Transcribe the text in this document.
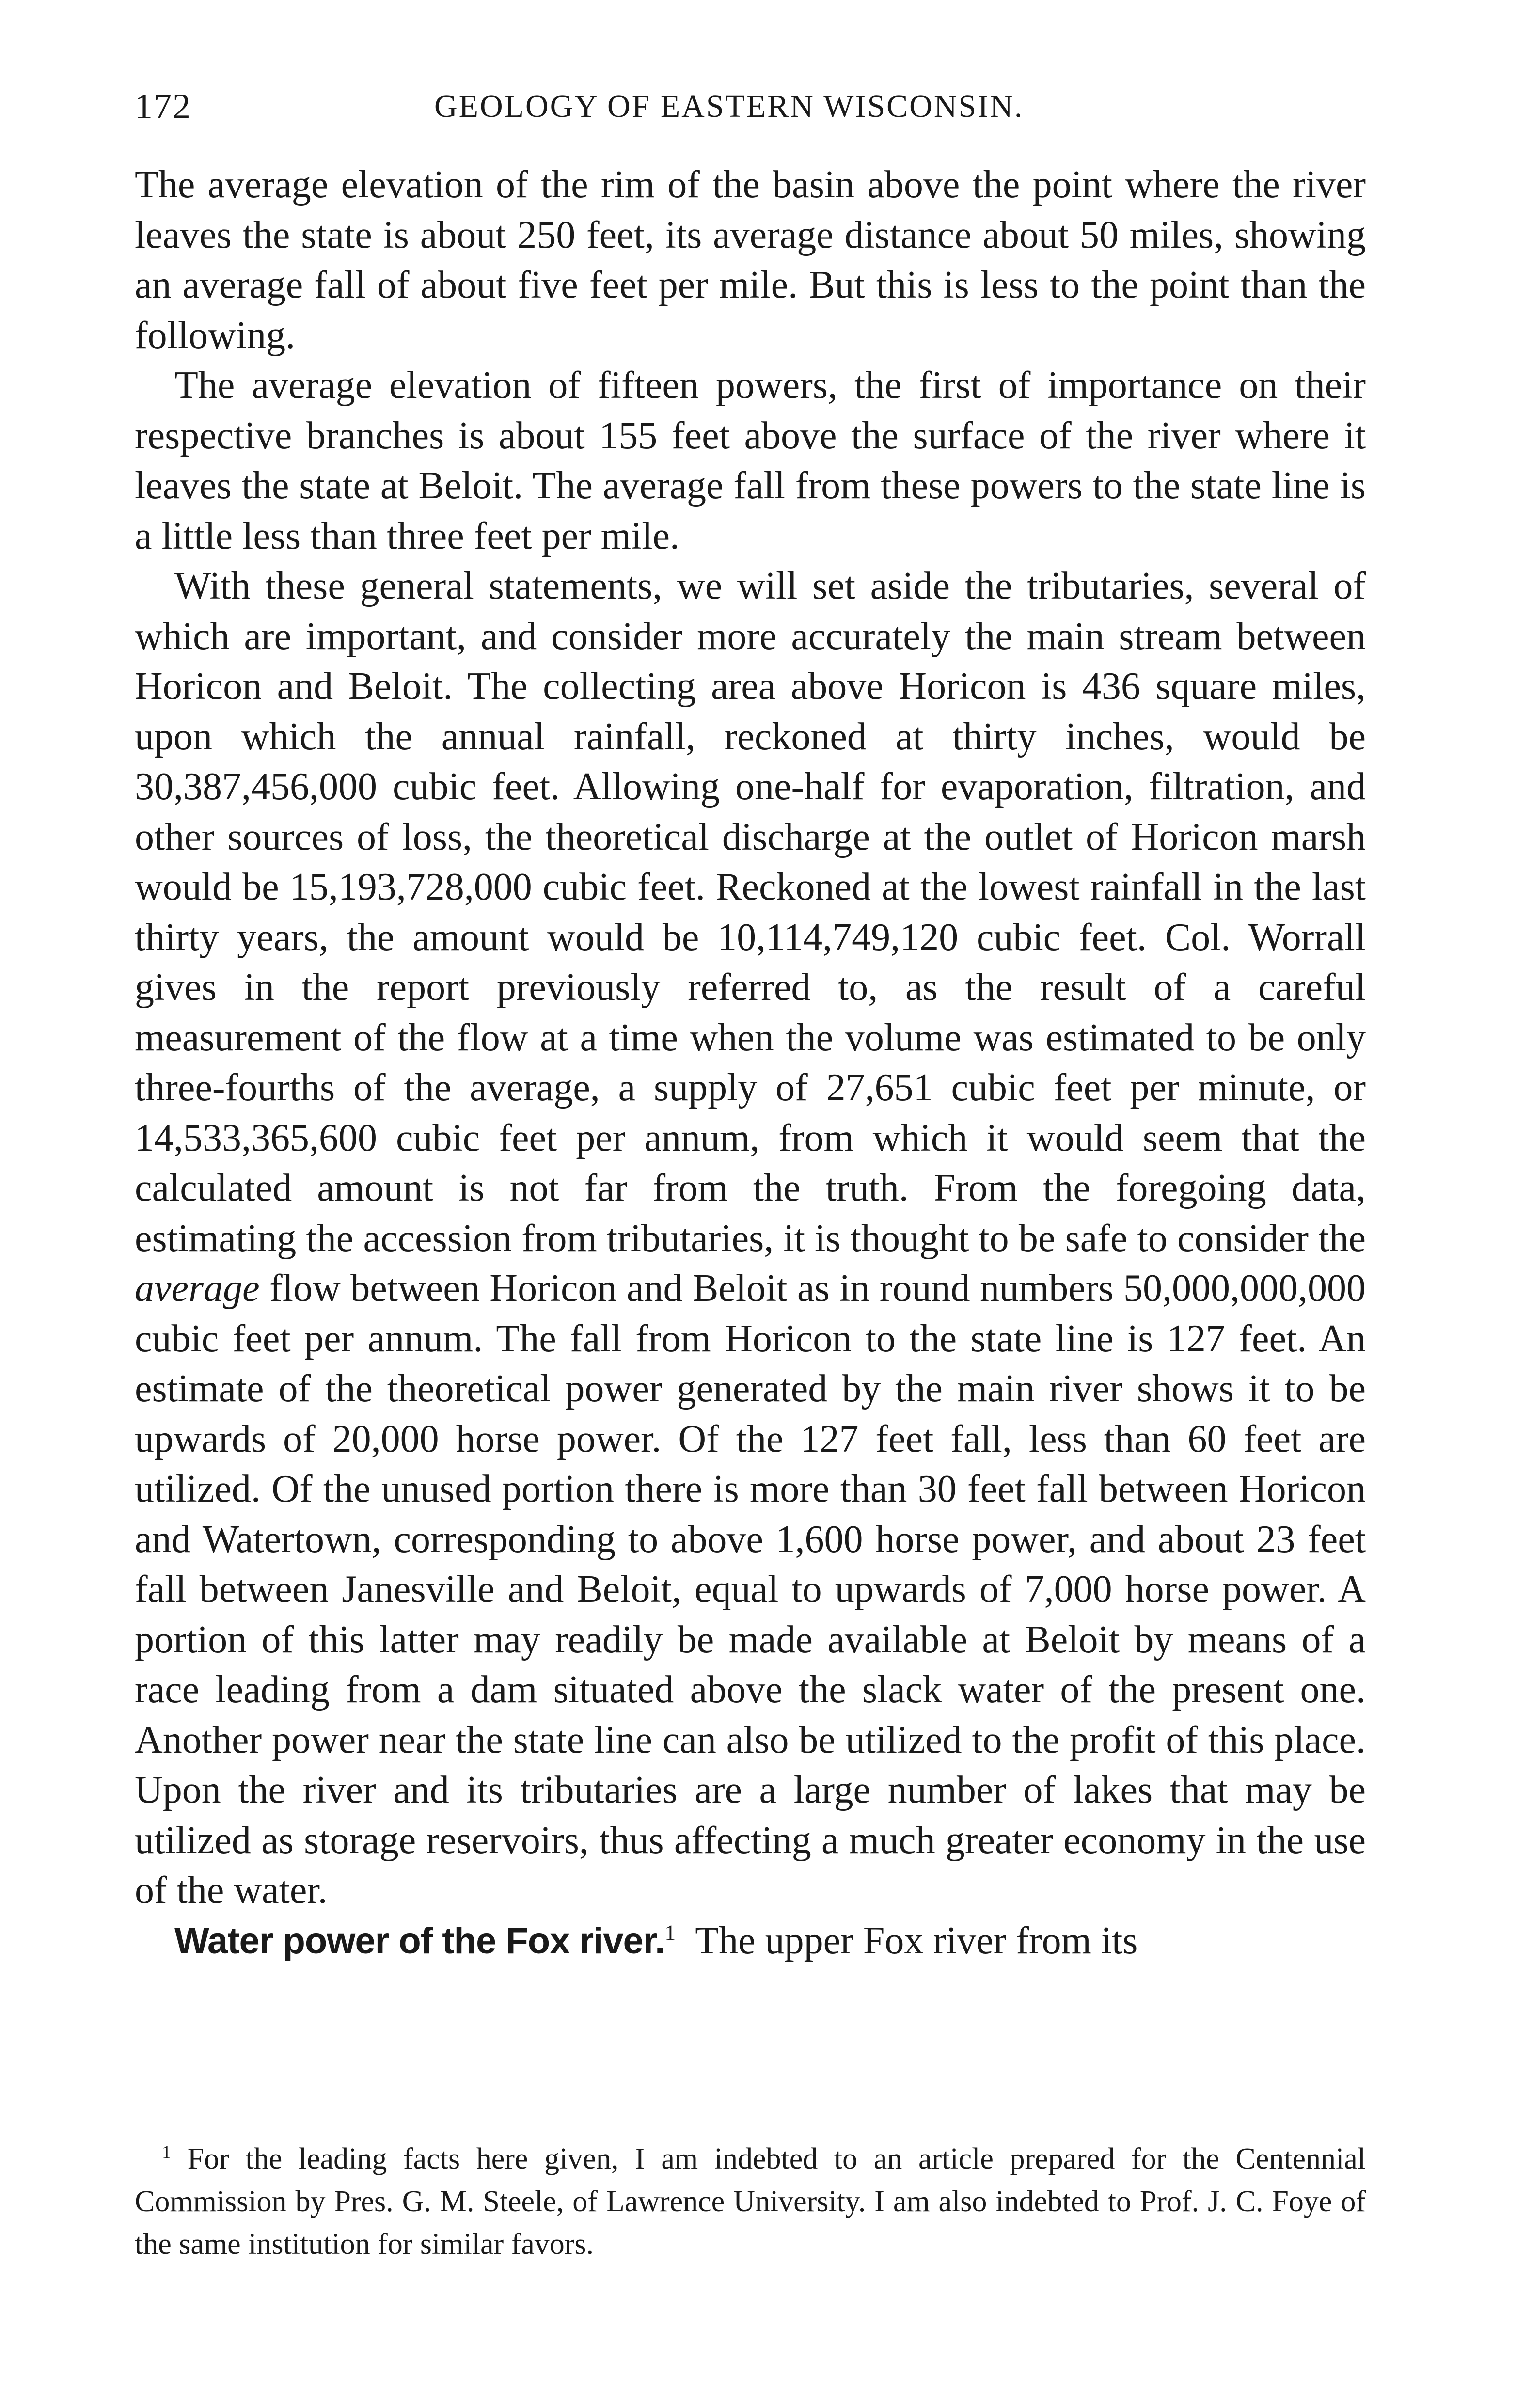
172	GEOLOGY OF EASTERN WISCONSIN.

The average elevation of the rim of the basin above the point where the river leaves the state is about 250 feet, its average distance about 50 miles, showing an average fall of about five feet per mile. But this is less to the point than the following.

The average elevation of fifteen powers, the first of importance on their respective branches is about 155 feet above the surface of the river where it leaves the state at Beloit. The average fall from these powers to the state line is a little less than three feet per mile.

With these general statements, we will set aside the tributaries, several of which are important, and consider more accurately the main stream between Horicon and Beloit. The collecting area above Horicon is 436 square miles, upon which the annual rainfall, reckoned at thirty inches, would be 30,387,456,000 cubic feet. Allowing one-half for evaporation, filtration, and other sources of loss, the theoretical discharge at the outlet of Horicon marsh would be 15,193,728,000 cubic feet. Reckoned at the lowest rainfall in the last thirty years, the amount would be 10,114,749,120 cubic feet. Col. Worrall gives in the report previously referred to, as the result of a careful measurement of the flow at a time when the volume was estimated to be only three-fourths of the average, a supply of 27,651 cubic feet per minute, or 14,533,365,600 cubic feet per annum, from which it would seem that the calculated amount is not far from the truth. From the foregoing data, estimating the accession from tributaries, it is thought to be safe to consider the average flow between Horicon and Beloit as in round numbers 50,000,000,000 cubic feet per annum. The fall from Horicon to the state line is 127 feet. An estimate of the theoretical power generated by the main river shows it to be upwards of 20,000 horse power. Of the 127 feet fall, less than 60 feet are utilized. Of the unused portion there is more than 30 feet fall between Horicon and Watertown, corresponding to above 1,600 horse power, and about 23 feet fall between Janesville and Beloit, equal to upwards of 7,000 horse power. A portion of this latter may readily be made available at Beloit by means of a race leading from a dam situated above the slack water of the present one. Another power near the state line can also be utilized to the profit of this place. Upon the river and its tributaries are a large number of lakes that may be utilized as storage reservoirs, thus affecting a much greater economy in the use of the water.

Water power of the Fox river.$^1$ The upper Fox river from its

$^1$ For the leading facts here given, I am indebted to an article prepared for the Centennial Commission by Pres. G. M. Steele, of Lawrence University. I am also indebted to Prof. J. C. Foye of the same institution for similar favors.
